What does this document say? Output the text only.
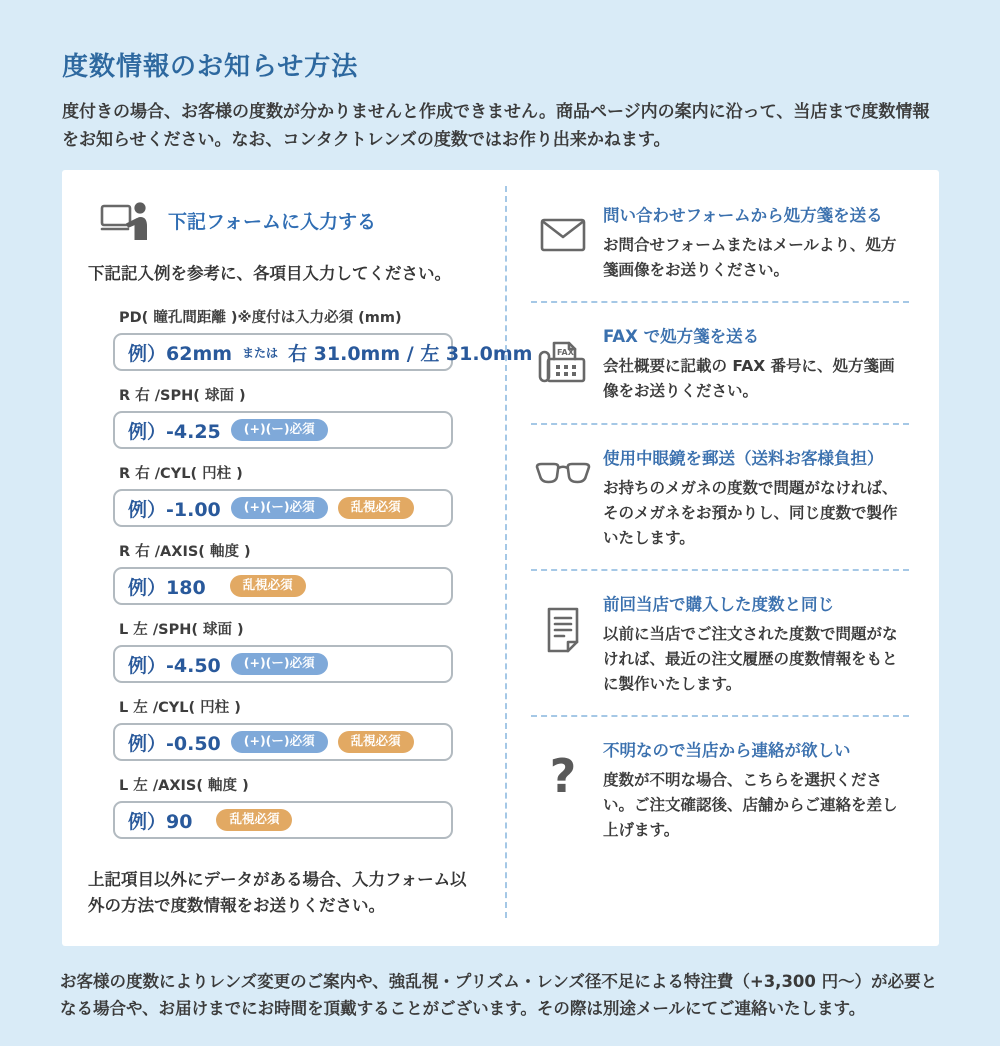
度数情報のお知らせ方法

度付きの場合、お客様の度数が分かりませんと作成できません。商品ページ内の案内に沿って、当店まで度数情報をお知らせください。なお、コンタクトレンズの度数ではお作り出来かねます。

下記フォームに入力する

下記記入例を参考に、各項目入力してください。

PD( 瞳孔間距離 )※度付は入力必須 (mm)
例）62mm または 右 31.0mm / 左 31.0mm
R 右 /SPH( 球面 )
例）-4.25	(+)(ー)必須
R 右 /CYL( 円柱 )
例）-1.00	(+)(ー)必須	乱視必須
R 右 /AXIS( 軸度 )
例）180	乱視必須
L 左 /SPH( 球面 )
例）-4.50	(+)(ー)必須
L 左 /CYL( 円柱 )
例）-0.50	(+)(ー)必須	乱視必須
L 左 /AXIS( 軸度 )
例）90	乱視必須

上記項目以外にデータがある場合、入力フォーム以外の方法で度数情報をお送りください。

問い合わせフォームから処方箋を送る
お問合せフォームまたはメールより、処方箋画像をお送りください。
FAX
FAX で処方箋を送る
会社概要に記載の FAX 番号に、処方箋画像をお送りください。
使用中眼鏡を郵送（送料お客様負担）
お持ちのメガネの度数で問題がなければ、そのメガネをお預かりし、同じ度数で製作いたします。
前回当店で購入した度数と同じ
以前に当店でご注文された度数で問題がなければ、最近の注文履歴の度数情報をもとに製作いたします。
? 不明なので当店から連絡が欲しい
度数が不明な場合、こちらを選択ください。ご注文確認後、店舗からご連絡を差し上げます。

お客様の度数によりレンズ変更のご案内や、強乱視・プリズム・レンズ径不足による特注費（+3,300 円～）が必要となる場合や、お届けまでにお時間を頂戴することがございます。その際は別途メールにてご連絡いたします。
